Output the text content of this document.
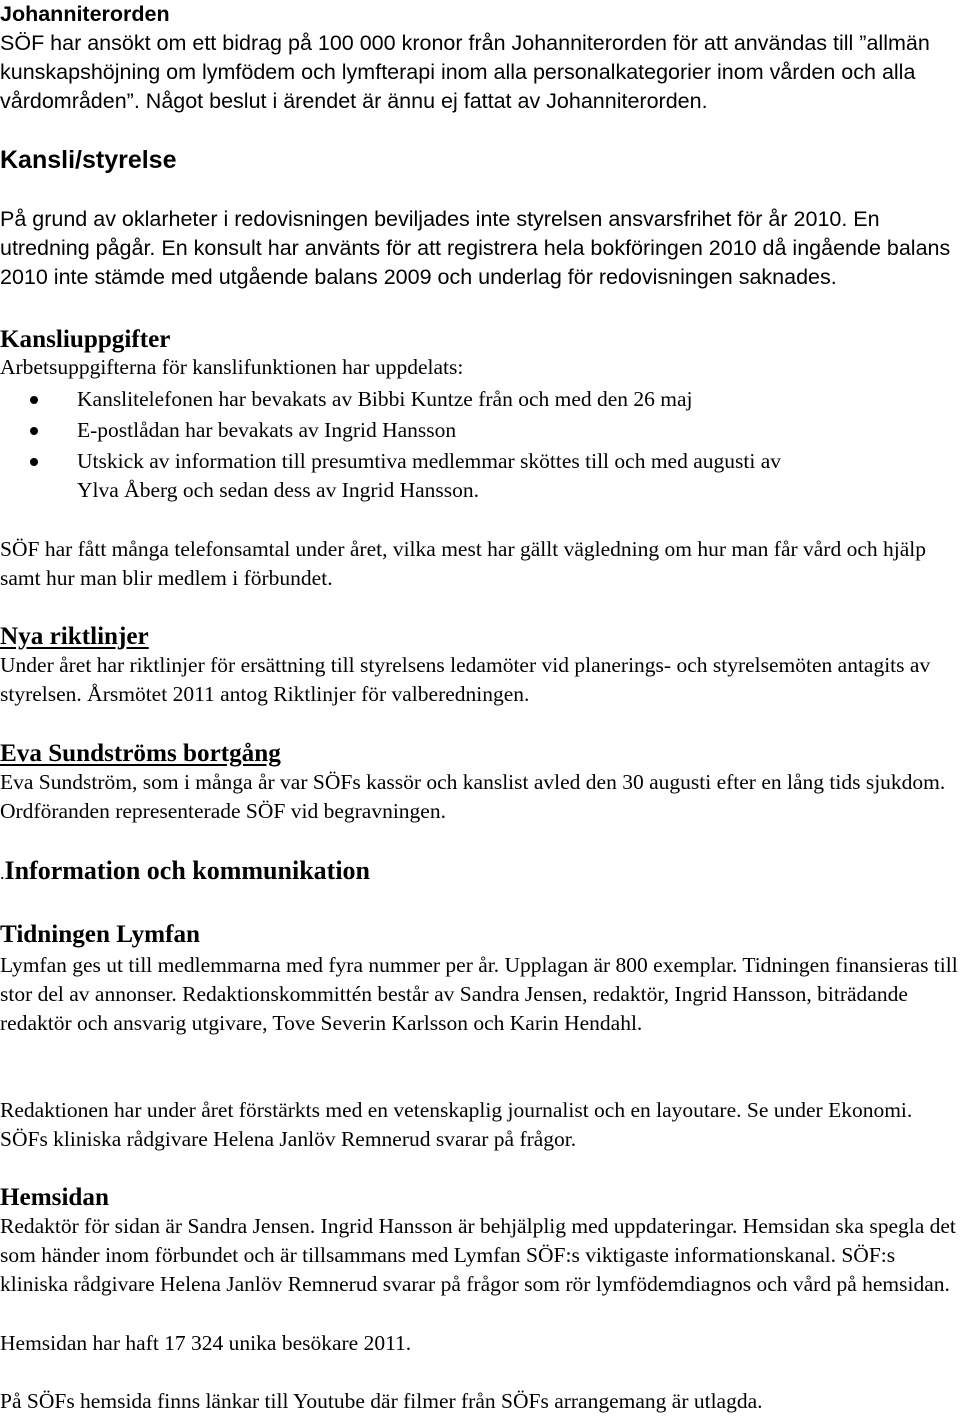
Johanniterorden

SÖF har ansökt om ett bidrag på 100 000 kronor från Johanniterorden för att användas till ”allmän kunskapshöjning om lymfödem och lymfterapi inom alla personalkategorier inom vården och alla vårdområden”. Något beslut i ärendet är ännu ej fattat av Johanniterorden.

Kansli/styrelse

På grund av oklarheter i redovisningen beviljades inte styrelsen ansvarsfrihet för år 2010. En utredning pågår. En konsult har använts för att registrera hela bokföringen 2010 då ingående balans 2010 inte stämde med utgående balans 2009 och underlag för redovisningen saknades.

Kansliuppgifter

Arbetsuppgifterna för kanslifunktionen har uppdelats:

Kanslitelefonen har bevakats av Bibbi Kuntze från och med den 26 maj
E-postlådan har bevakats av Ingrid Hansson
Utskick av information till presumtiva medlemmar sköttes till och med augusti av
Ylva Åberg och sedan dess av Ingrid Hansson.

SÖF har fått många telefonsamtal under året, vilka mest har gällt vägledning om hur man får vård och hjälp samt hur man blir medlem i förbundet.

Nya riktlinjer

Under året har riktlinjer för ersättning till styrelsens ledamöter vid planerings- och styrelsemöten antagits av styrelsen. Årsmötet 2011 antog Riktlinjer för valberedningen.

Eva Sundströms bortgång

Eva Sundström, som i många år var SÖFs kassör och kanslist avled den 30 augusti efter en lång tids sjukdom. Ordföranden representerade SÖF vid begravningen.

.Information och kommunikation
Tidningen Lymfan

Lymfan ges ut till medlemmarna med fyra nummer per år. Upplagan är 800 exemplar. Tidningen finansieras till stor del av annonser. Redaktionskommittén består av Sandra Jensen, redaktör, Ingrid Hansson, biträdande redaktör och ansvarig utgivare, Tove Severin Karlsson och Karin Hendahl.

Redaktionen har under året förstärkts med en vetenskaplig journalist och en layoutare. Se under Ekonomi. SÖFs kliniska rådgivare Helena Janlöv Remnerud svarar på frågor.

Hemsidan

Redaktör för sidan är Sandra Jensen. Ingrid Hansson är behjälplig med uppdateringar. Hemsidan ska spegla det som händer inom förbundet och är tillsammans med Lymfan SÖF:s viktigaste informationskanal. SÖF:s kliniska rådgivare Helena Janlöv Remnerud svarar på frågor som rör lymfödemdiagnos och vård på hemsidan.

Hemsidan har haft 17 324 unika besökare 2011.

På SÖFs hemsida finns länkar till Youtube där filmer från SÖFs arrangemang är utlagda.
